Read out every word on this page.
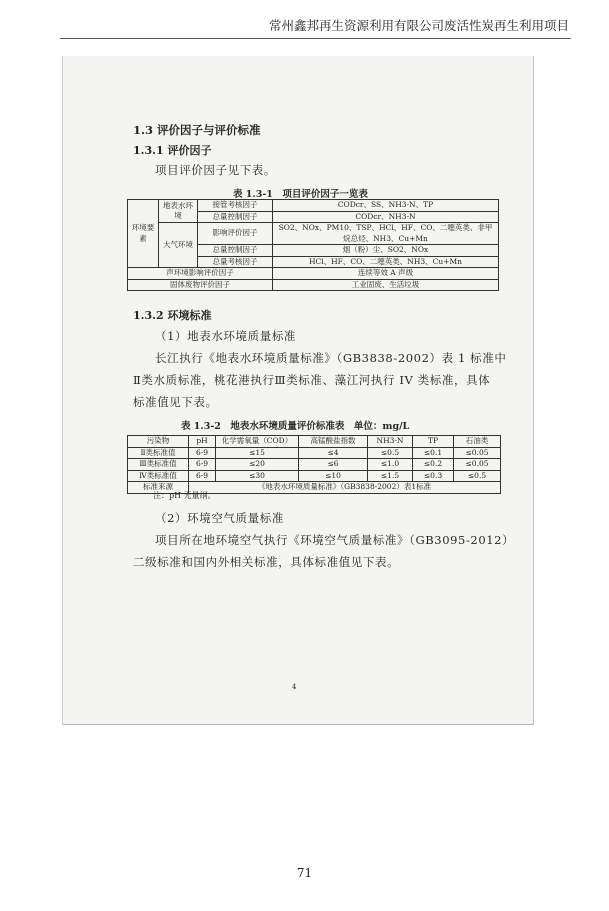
常州鑫邦再生资源利用有限公司废活性炭再生利用项目
1.3 评价因子与评价标准
1.3.1 评价因子
项目评价因子见下表。
表 1.3-1　项目评价因子一览表
环境要素	地表水环境	接管考核因子	CODcr、SS、NH3-N、TP
		总量控制因子	CODcr、NH3-N
	大气环境	影响评价因子	SO2、NOx、PM10、TSP、HCl、HF、CO、二噁英类、非甲烷总烃、NH3、Cu+Mn
		总量控制因子	烟（粉）尘、SO2、NOx
		总量考核因子	HCl、HF、CO、二噁英类、NH3、Cu+Mn
声环境影响评价因子			连续等效 A 声级
固体废物评价因子			工业固废、生活垃圾
1.3.2 环境标准
（1）地表水环境质量标准
长江执行《地表水环境质量标准》（GB3838-2002）表 1 标准中
Ⅱ类水质标准，桃花港执行Ⅲ类标准、藻江河执行 IV 类标准，具体
标准值见下表。
表 1.3-2　地表水环境质量评价标准表　单位：mg/L
污染物	pH	化学需氧量（COD）	高锰酸盐指数	NH3-N	TP	石油类
Ⅱ类标准值	6-9	≤15	≤4	≤0.5	≤0.1	≤0.05
Ⅲ类标准值	6-9	≤20	≤6	≤1.0	≤0.2	≤0.05
Ⅳ类标准值	6-9	≤30	≤10	≤1.5	≤0.3	≤0.5
标准来源	《地表水环境质量标准》（GB3838-2002）表1标准					
注：pH 无量纲。
（2）环境空气质量标准
项目所在地环境空气执行《环境空气质量标准》（GB3095-2012）
二级标准和国内外相关标准，具体标准值见下表。
4
71
